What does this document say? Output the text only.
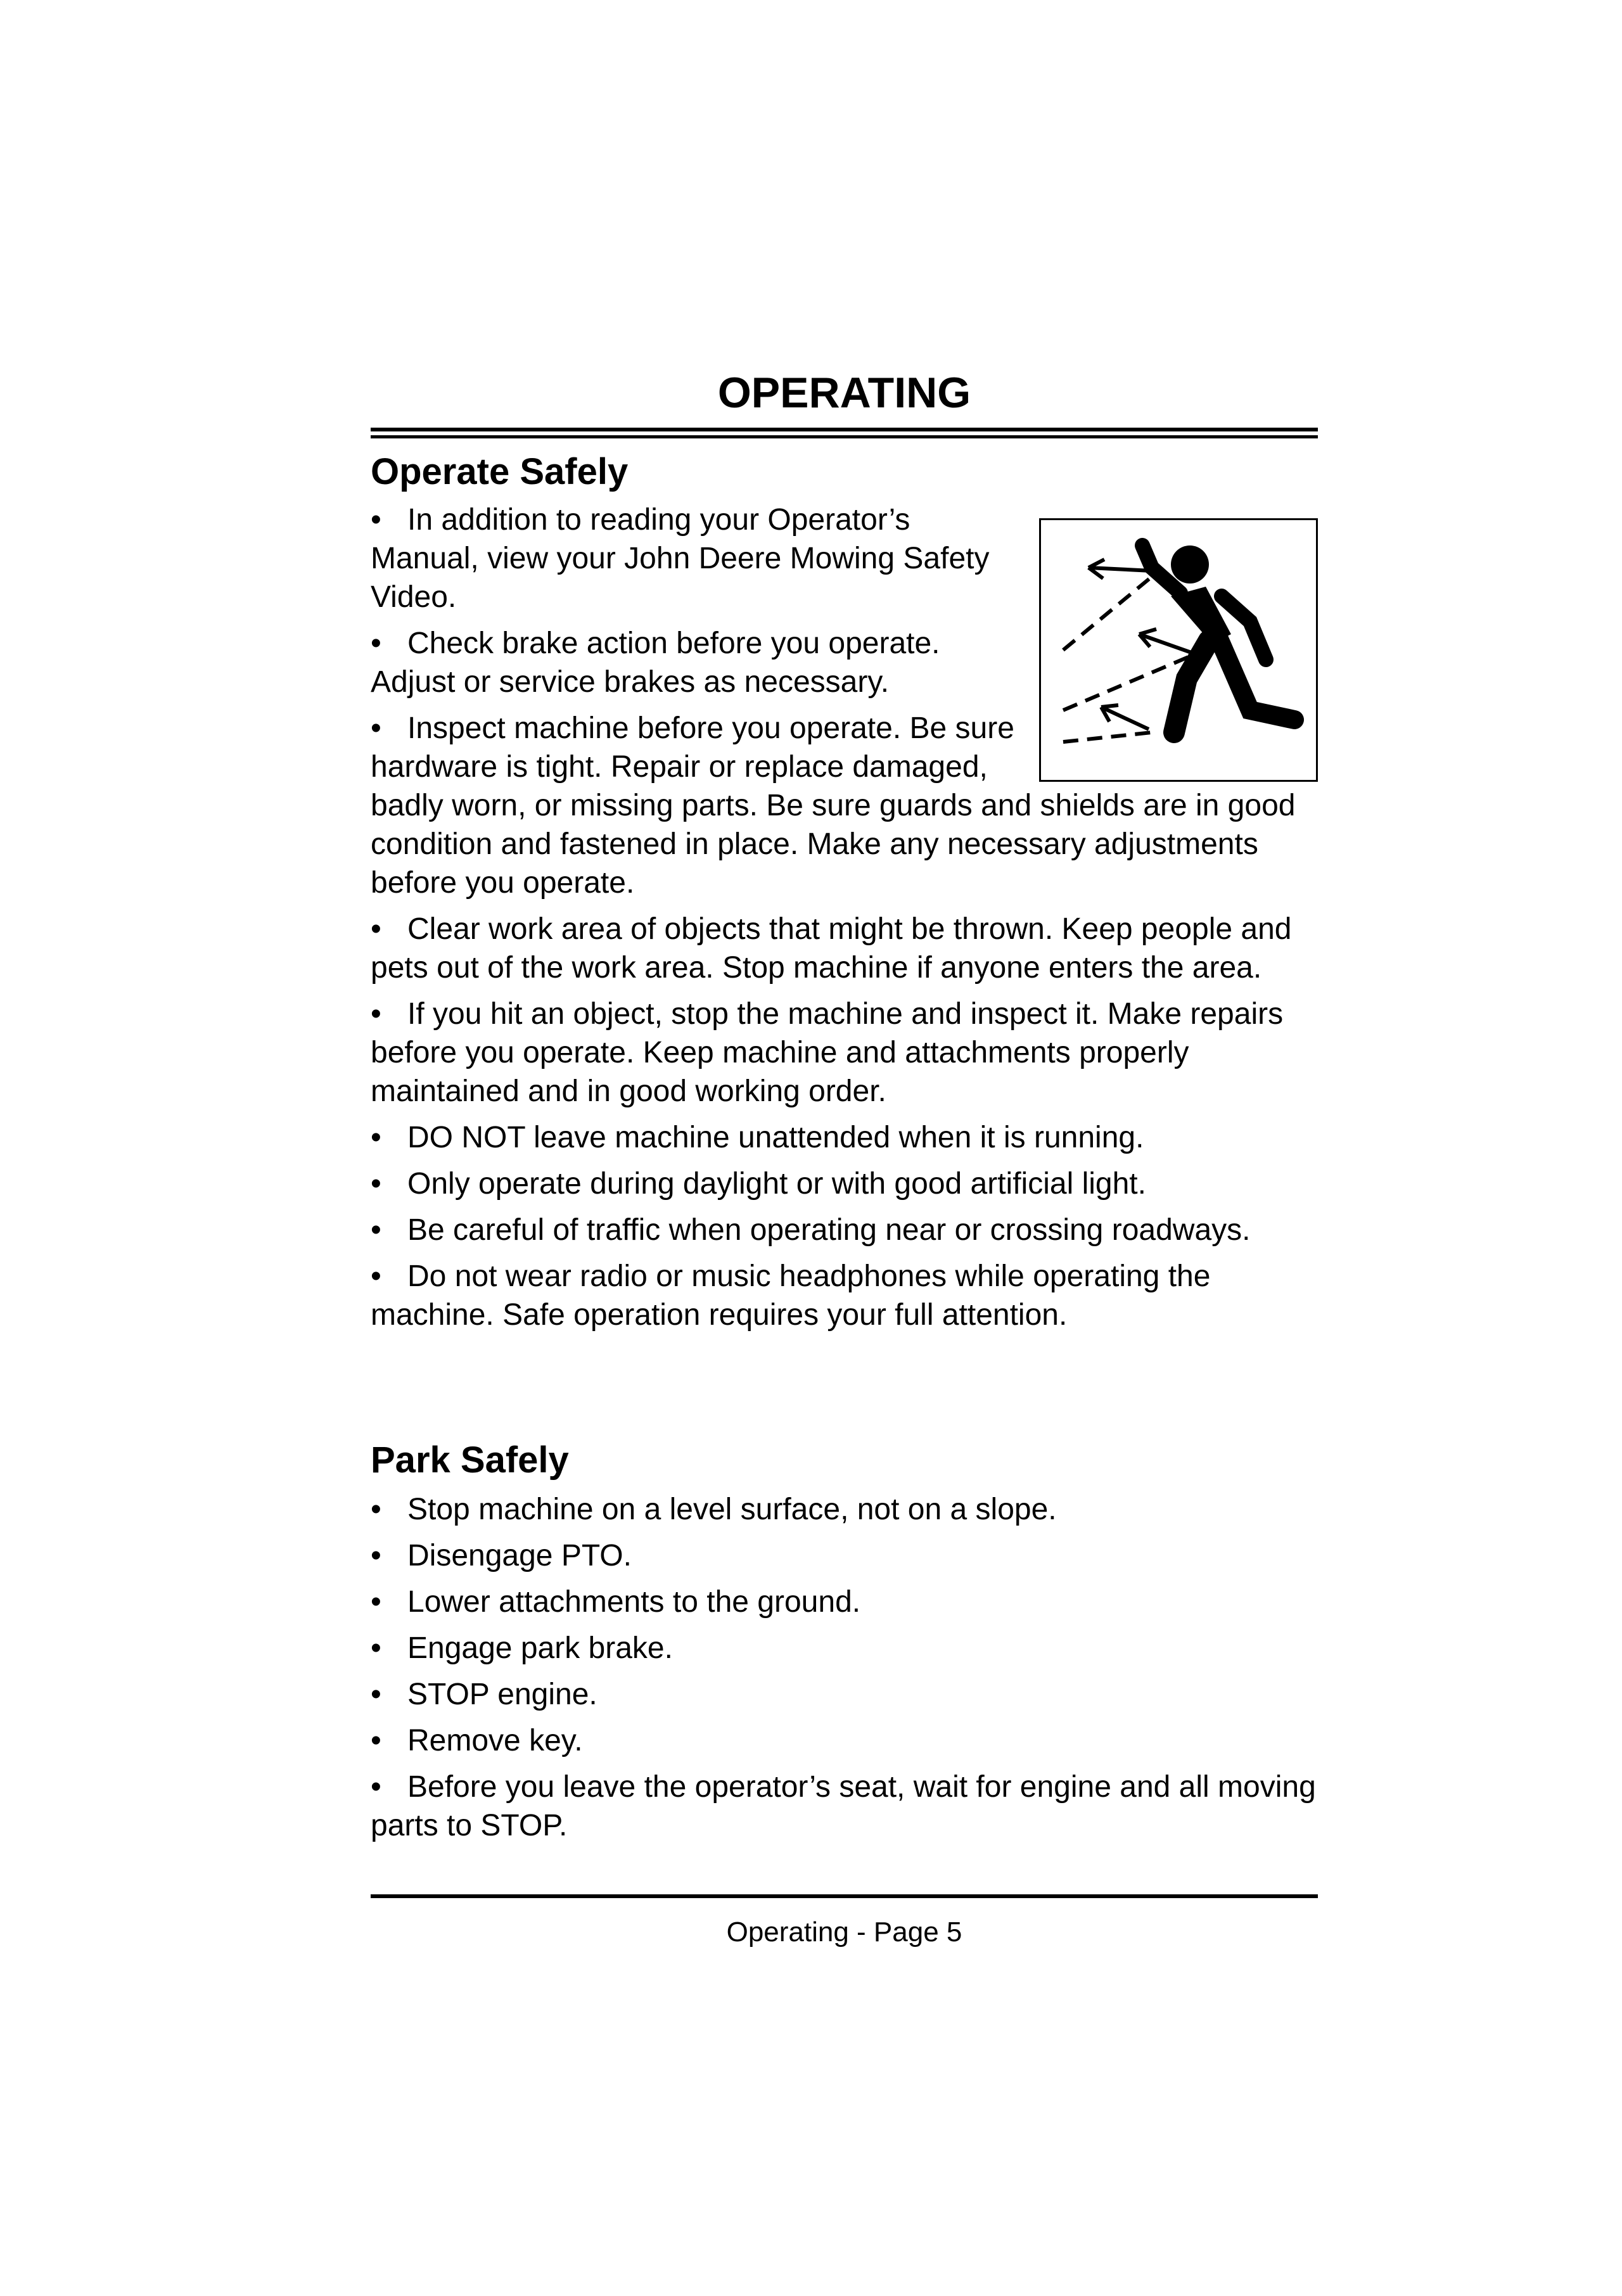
OPERATING
Operate Safely
• In addition to reading your Operator’s Manual, view your John Deere Mowing Safety Video.
• Check brake action before you operate. Adjust or service brakes as necessary.
• Inspect machine before you operate. Be sure hardware is tight. Repair or replace damaged, badly worn, or missing parts. Be sure guards and shields are in good condition and fastened in place. Make any necessary adjustments before you operate.
• Clear work area of objects that might be thrown. Keep people and pets out of the work area. Stop machine if anyone enters the area.
• If you hit an object, stop the machine and inspect it. Make repairs before you operate. Keep machine and attachments properly maintained and in good working order.
• DO NOT leave machine unattended when it is running.
• Only operate during daylight or with good artificial light.
• Be careful of traffic when operating near or crossing roadways.
• Do not wear radio or music headphones while operating the machine. Safe operation requires your full attention.
Park Safely
• Stop machine on a level surface, not on a slope.
• Disengage PTO.
• Lower attachments to the ground.
• Engage park brake.
• STOP engine.
• Remove key.
• Before you leave the operator’s seat, wait for engine and all moving parts to STOP.
Operating - Page 5
